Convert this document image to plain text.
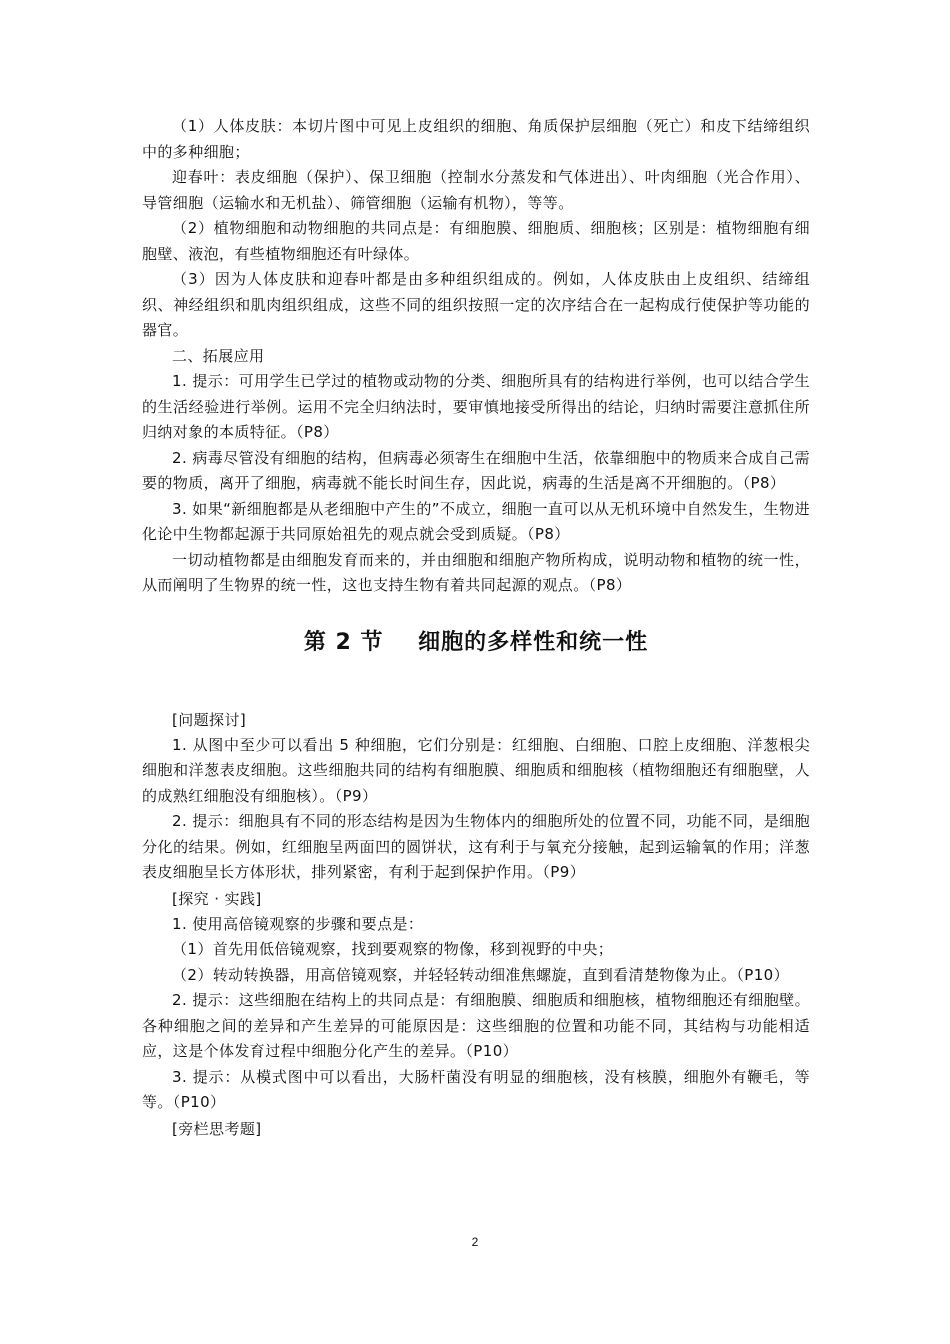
（1）人体皮肤：本切片图中可见上皮组织的细胞、角质保护层细胞（死亡）和皮下结缔组织中的多种细胞；

迎春叶：表皮细胞（保护）、保卫细胞（控制水分蒸发和气体进出）、叶肉细胞（光合作用）、导管细胞（运输水和无机盐）、筛管细胞（运输有机物），等等。

（2）植物细胞和动物细胞的共同点是：有细胞膜、细胞质、细胞核；区别是：植物细胞有细胞壁、液泡，有些植物细胞还有叶绿体。

（3）因为人体皮肤和迎春叶都是由多种组织组成的。例如，人体皮肤由上皮组织、结缔组织、神经组织和肌肉组织组成，这些不同的组织按照一定的次序结合在一起构成行使保护等功能的器官。

二、拓展应用

1. 提示：可用学生已学过的植物或动物的分类、细胞所具有的结构进行举例，也可以结合学生的生活经验进行举例。运用不完全归纳法时，要审慎地接受所得出的结论，归纳时需要注意抓住所归纳对象的本质特征。（P8）

2. 病毒尽管没有细胞的结构，但病毒必须寄生在细胞中生活，依靠细胞中的物质来合成自己需要的物质，离开了细胞，病毒就不能长时间生存，因此说，病毒的生活是离不开细胞的。（P8）

3. 如果“新细胞都是从老细胞中产生的”不成立，细胞一直可以从无机环境中自然发生，生物进化论中生物都起源于共同原始祖先的观点就会受到质疑。（P8）

一切动植物都是由细胞发育而来的，并由细胞和细胞产物所构成，说明动物和植物的统一性，从而阐明了生物界的统一性，这也支持生物有着共同起源的观点。（P8）

第 2 节    细胞的多样性和统一性

[问题探讨]

1. 从图中至少可以看出 5 种细胞，它们分别是：红细胞、白细胞、口腔上皮细胞、洋葱根尖细胞和洋葱表皮细胞。这些细胞共同的结构有细胞膜、细胞质和细胞核（植物细胞还有细胞壁，人的成熟红细胞没有细胞核）。（P9）

2. 提示：细胞具有不同的形态结构是因为生物体内的细胞所处的位置不同，功能不同，是细胞分化的结果。例如，红细胞呈两面凹的圆饼状，这有利于与氧充分接触，起到运输氧的作用；洋葱表皮细胞呈长方体形状，排列紧密，有利于起到保护作用。（P9）

[探究 · 实践]

1. 使用高倍镜观察的步骤和要点是：

（1）首先用低倍镜观察，找到要观察的物像，移到视野的中央；

（2）转动转换器，用高倍镜观察，并轻轻转动细准焦螺旋，直到看清楚物像为止。（P10）

2. 提示：这些细胞在结构上的共同点是：有细胞膜、细胞质和细胞核，植物细胞还有细胞壁。各种细胞之间的差异和产生差异的可能原因是：这些细胞的位置和功能不同，其结构与功能相适应，这是个体发育过程中细胞分化产生的差异。（P10）

3. 提示：从模式图中可以看出，大肠杆菌没有明显的细胞核，没有核膜，细胞外有鞭毛，等等。（P10）

[旁栏思考题]

2
